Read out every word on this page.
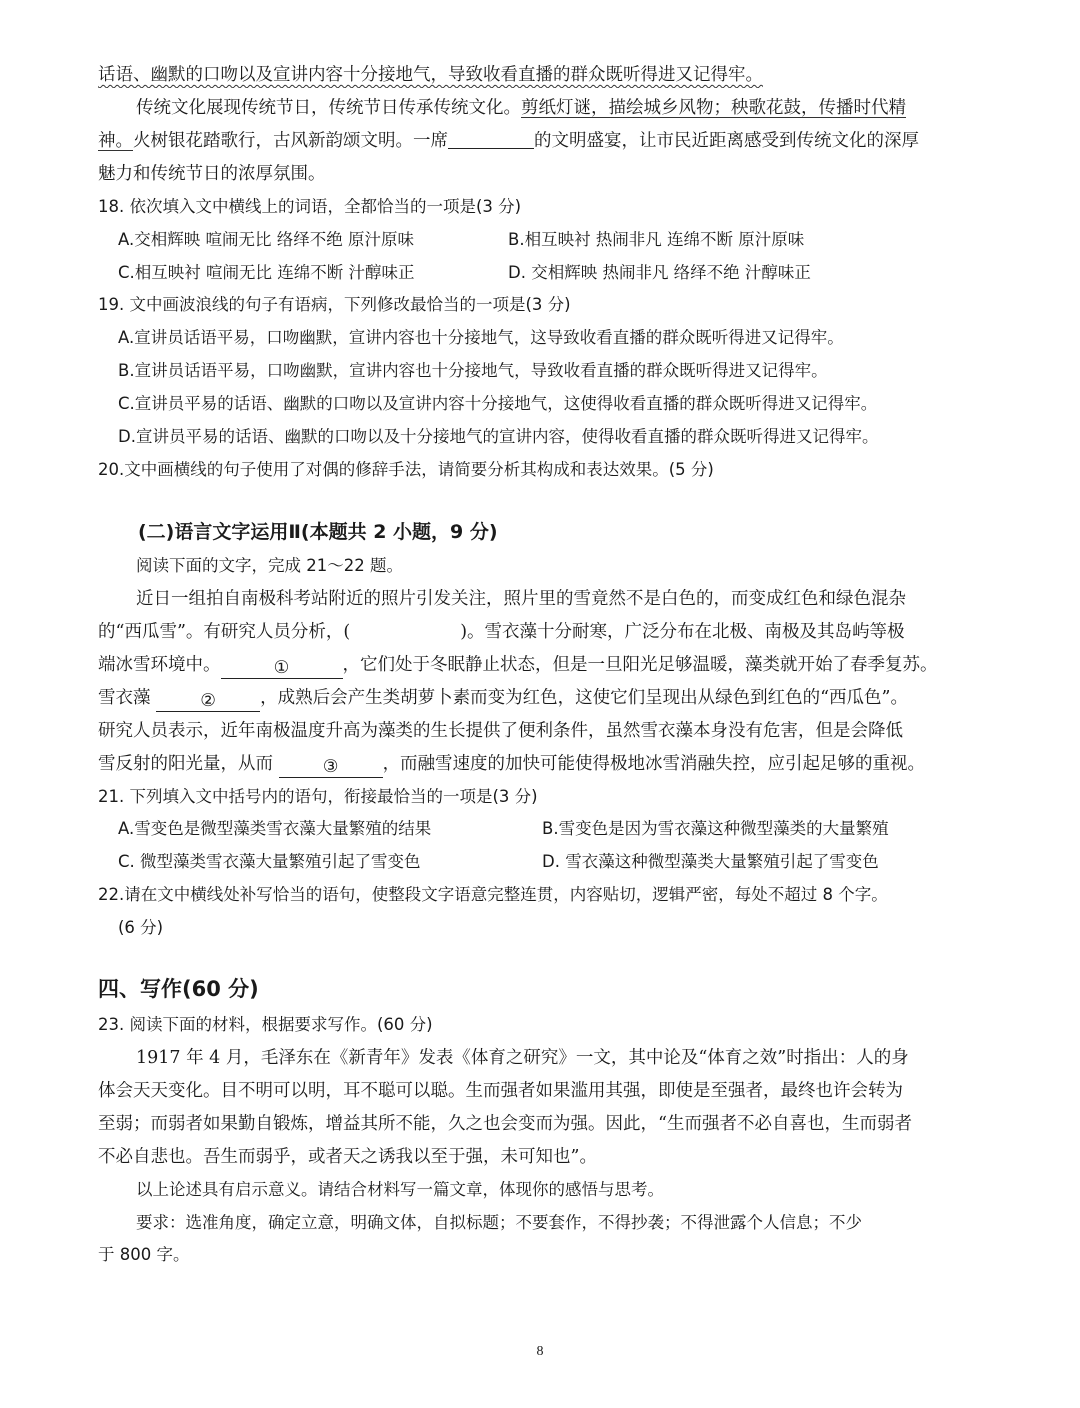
话语、幽默的口吻以及宣讲内容十分接地气，导致收看直播的群众既听得进又记得牢。
传统文化展现传统节日，传统节日传承传统文化。剪纸灯谜，描绘城乡风物；秧歌花鼓，传播时代精
神。火树银花踏歌行，古风新韵颂文明。一席	的文明盛宴，让市民近距离感受到传统文化的深厚
魅力和传统节日的浓厚氛围。
18. 依次填入文中横线上的词语，全都恰当的一项是(3 分)
A.交相辉映 喧闹无比 络绎不绝 原汁原味	B.相互映衬 热闹非凡 连绵不断 原汁原味
C.相互映衬 喧闹无比 连绵不断 汁醇味正	D. 交相辉映 热闹非凡 络绎不绝 汁醇味正
19. 文中画波浪线的句子有语病，下列修改最恰当的一项是(3 分)
A.宣讲员话语平易，口吻幽默，宣讲内容也十分接地气，这导致收看直播的群众既听得进又记得牢。
B.宣讲员话语平易，口吻幽默，宣讲内容也十分接地气，导致收看直播的群众既听得进又记得牢。
C.宣讲员平易的话语、幽默的口吻以及宣讲内容十分接地气，这使得收看直播的群众既听得进又记得牢。
D.宣讲员平易的话语、幽默的口吻以及十分接地气的宣讲内容，使得收看直播的群众既听得进又记得牢。
20.文中画横线的句子使用了对偶的修辞手法，请简要分析其构成和表达效果。(5 分)
(二)语言文字运用Ⅱ(本题共 2 小题，9 分)
阅读下面的文字，完成 21～22 题。
近日一组拍自南极科考站附近的照片引发关注，照片里的雪竟然不是白色的，而变成红色和绿色混杂
的“西瓜雪”。有研究人员分析，(	)。雪衣藻十分耐寒，广泛分布在北极、南极及其岛屿等极
端冰雪环境中。	①	，它们处于冬眠静止状态，但是一旦阳光足够温暖，藻类就开始了春季复苏。
雪衣藻	②	，成熟后会产生类胡萝卜素而变为红色，这使它们呈现出从绿色到红色的“西瓜色”。
研究人员表示，近年南极温度升高为藻类的生长提供了便利条件，虽然雪衣藻本身没有危害，但是会降低
雪反射的阳光量，从而	③	，而融雪速度的加快可能使得极地冰雪消融失控，应引起足够的重视。
21. 下列填入文中括号内的语句，衔接最恰当的一项是(3 分)
A.雪变色是微型藻类雪衣藻大量繁殖的结果	B.雪变色是因为雪衣藻这种微型藻类的大量繁殖
C. 微型藻类雪衣藻大量繁殖引起了雪变色	D. 雪衣藻这种微型藻类大量繁殖引起了雪变色
22.请在文中横线处补写恰当的语句，使整段文字语意完整连贯，内容贴切，逻辑严密，每处不超过 8 个字。
(6 分)
四、写作(60 分)
23. 阅读下面的材料，根据要求写作。(60 分)
1917 年 4 月，毛泽东在《新青年》发表《体育之研究》一文，其中论及“体育之效”时指出：人的身
体会天天变化。目不明可以明，耳不聪可以聪。生而强者如果滥用其强，即使是至强者，最终也许会转为
至弱；而弱者如果勤自锻炼，增益其所不能，久之也会变而为强。因此，“生而强者不必自喜也，生而弱者
不必自悲也。吾生而弱乎，或者天之诱我以至于强，未可知也”。
以上论述具有启示意义。请结合材料写一篇文章，体现你的感悟与思考。
要求：选准角度，确定立意，明确文体，自拟标题；不要套作，不得抄袭；不得泄露个人信息；不少
于 800 字。
8
